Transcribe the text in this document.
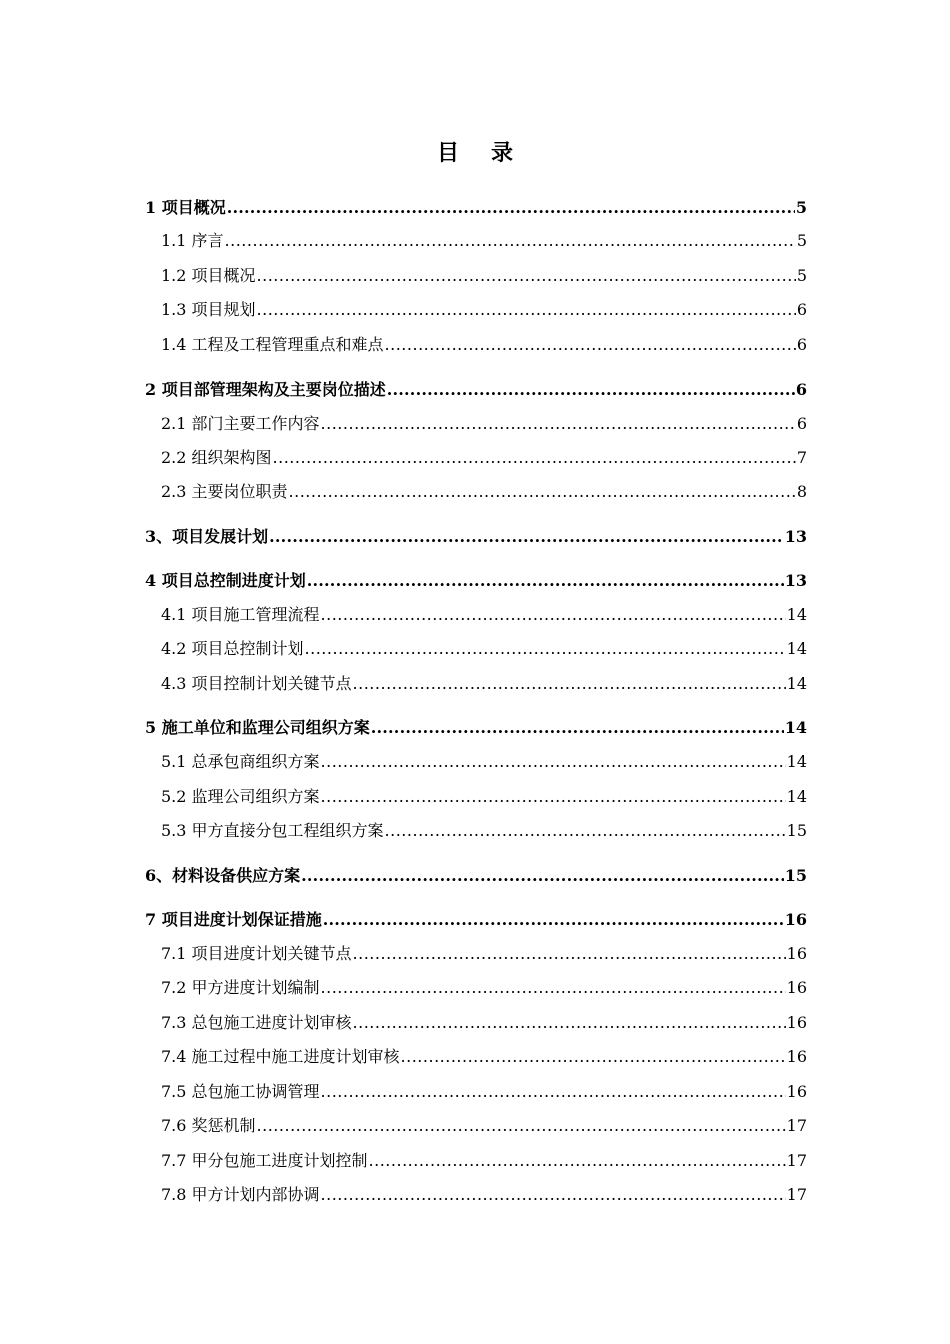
目 录
1 项目概况 .....	5
1.1 序言 .....	5
1.2 项目概况 .....	5
1.3 项目规划 .....	6
1.4 工程及工程管理重点和难点 .....	6
2 项目部管理架构及主要岗位描述 .....	6
2.1 部门主要工作内容 .....	6
2.2 组织架构图 .....	7
2.3 主要岗位职责 .....	8
3、项目发展计划 .....	13
4 项目总控制进度计划 .....	13
4.1 项目施工管理流程 .....	14
4.2 项目总控制计划 .....	14
4.3 项目控制计划关键节点 .....	14
5 施工单位和监理公司组织方案 .....	14
5.1 总承包商组织方案 .....	14
5.2 监理公司组织方案 .....	14
5.3 甲方直接分包工程组织方案 .....	15
6、材料设备供应方案 .....	15
7 项目进度计划保证措施 .....	16
7.1 项目进度计划关键节点 .....	16
7.2 甲方进度计划编制 .....	16
7.3 总包施工进度计划审核 .....	16
7.4 施工过程中施工进度计划审核 .....	16
7.5 总包施工协调管理 .....	16
7.6 奖惩机制 .....	17
7.7 甲分包施工进度计划控制 .....	17
7.8 甲方计划内部协调 .....	17
